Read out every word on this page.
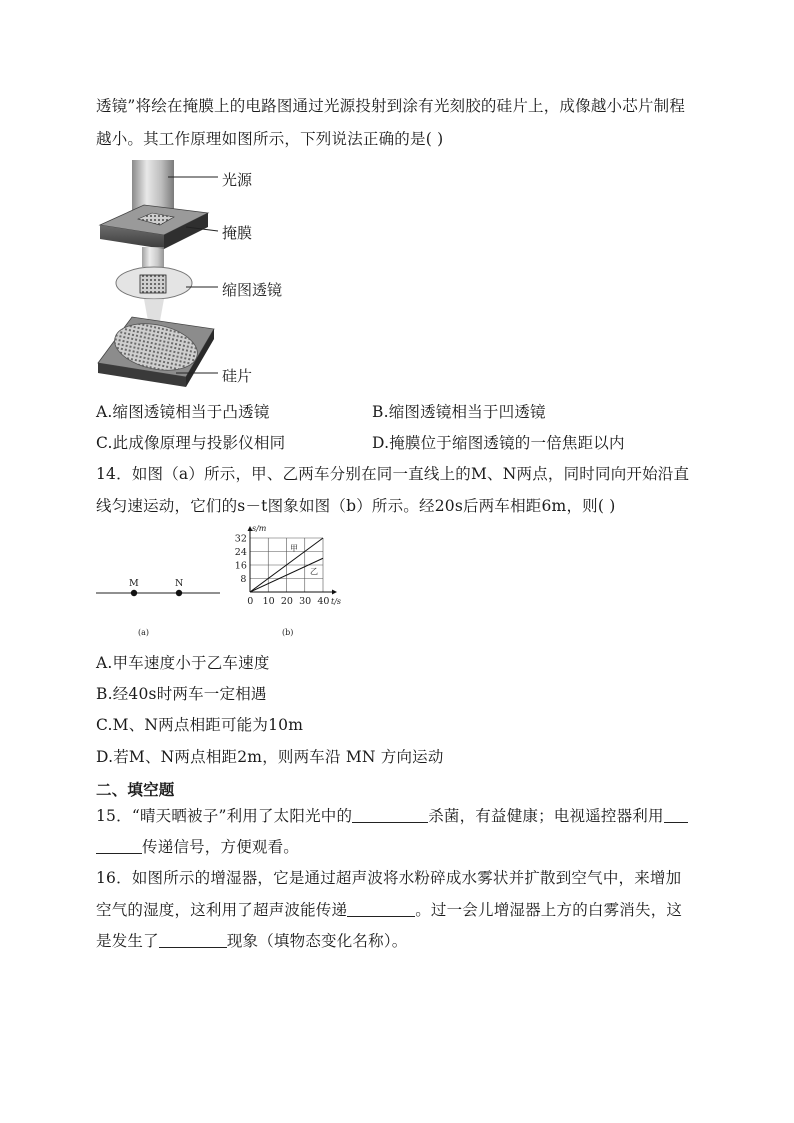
透镜”将绘在掩膜上的电路图通过光源投射到涂有光刻胶的硅片上，成像越小芯片制程
越小。其工作原理如图所示，下列说法正确的是( )
光源
掩膜
缩图透镜
硅片
A.缩图透镜相当于凸透镜	B.缩图透镜相当于凹透镜
C.此成像原理与投影仪相同	D.掩膜位于缩图透镜的一倍焦距以内
14．如图（a）所示，甲、乙两车分别在同一直线上的M、N两点，同时同向开始沿直
线匀速运动，它们的s－t图象如图（b）所示。经20s后两车相距6m，则( )
M	N
(a)
0 10 20 30 40
8
16
24
32
s/m
t/s
甲
乙
(b)
A.甲车速度小于乙车速度
B.经40s时两车一定相遇
C.M、N两点相距可能为10m
D.若M、N两点相距2m，则两车沿 MN 方向运动
二、填空题
15．“晴天晒被子”利用了太阳光中的	杀菌，有益健康；电视遥控器利用
传递信号，方便观看。
16．如图所示的增湿器，它是通过超声波将水粉碎成水雾状并扩散到空气中，来增加
空气的湿度，这利用了超声波能传递	。过一会儿增湿器上方的白雾消失，这
是发生了	现象（填物态变化名称）。
